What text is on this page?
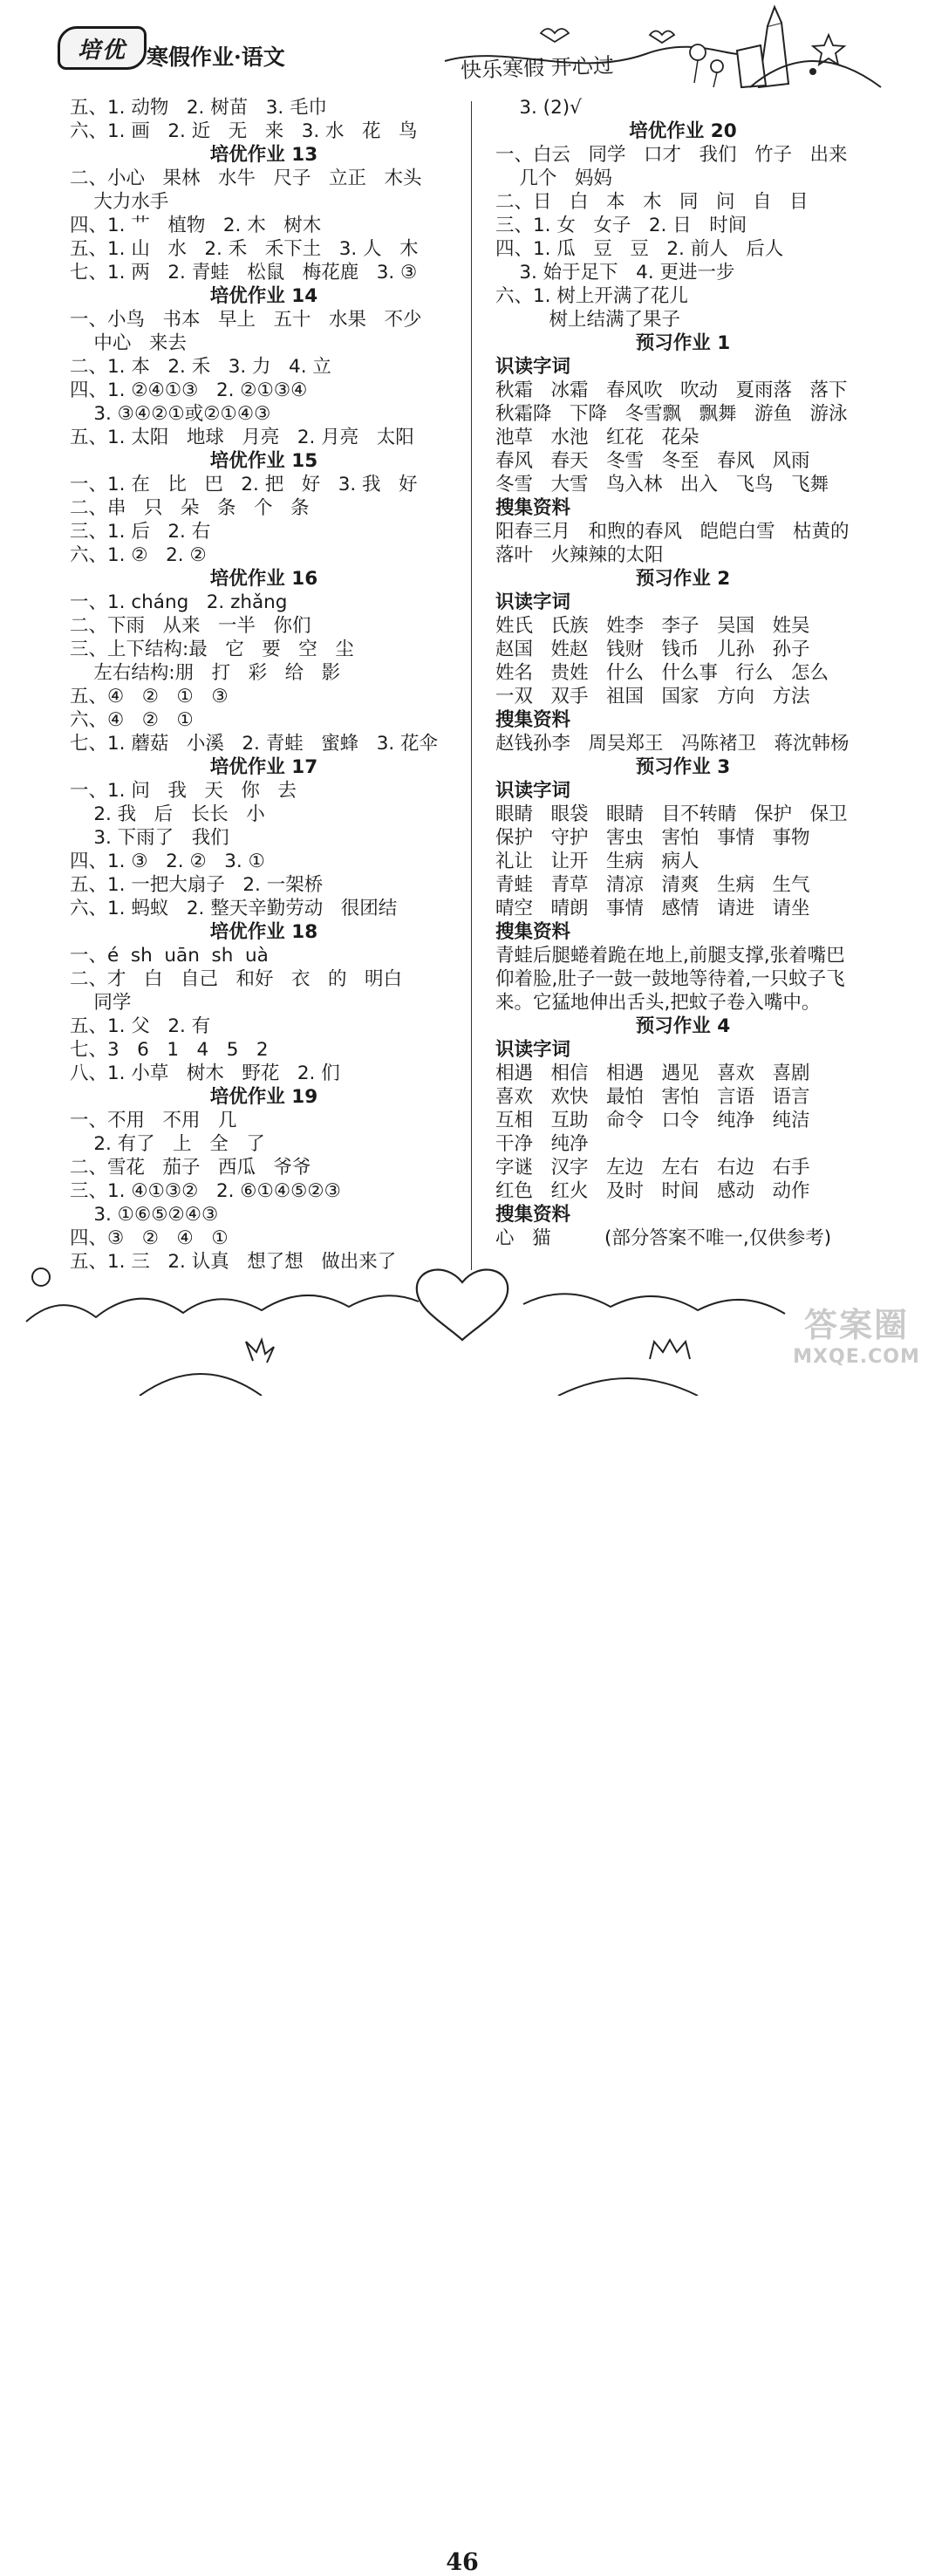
培优 寒假作业·语文	快乐寒假 开心过
五、1. 动物   2. 树苗   3. 毛巾
六、1. 画   2. 近   无   来   3. 水   花   鸟
培优作业 13
二、小心   果林   水牛   尺子   立正   木头
大力水手
四、1. 艹   植物   2. 木   树木
五、1. 山   水   2. 禾   禾下土   3. 人   木
七、1. 两   2. 青蛙   松鼠   梅花鹿   3. ③
培优作业 14
一、小鸟   书本   早上   五十   水果   不少
中心   来去
二、1. 本   2. 禾   3. 力   4. 立
四、1. ②④①③   2. ②①③④
3. ③④②①或②①④③
五、1. 太阳   地球   月亮   2. 月亮   太阳
培优作业 15
一、1. 在   比   巴   2. 把   好   3. 我   好
二、串   只   朵   条   个   条
三、1. 后   2. 右
六、1. ②   2. ②
培优作业 16
一、1. cháng   2. zhǎng
二、下雨   从来   一半   你们
三、上下结构:最   它   要   空   尘
左右结构:朋   打   彩   给   影
五、④   ②   ①   ③
六、④   ②   ①
七、1. 蘑菇   小溪   2. 青蛙   蜜蜂   3. 花伞
培优作业 17
一、1. 问   我   天   你   去
2. 我   后   长长   小
3. 下雨了   我们
四、1. ③   2. ②   3. ①
五、1. 一把大扇子   2. 一架桥
六、1. 蚂蚁   2. 整天辛勤劳动   很团结
培优作业 18
一、é  sh  uān  sh  uà
二、才   白   自己   和好   衣   的   明白
同学
五、1. 父   2. 有
七、3   6   1   4   5   2
八、1. 小草   树木   野花   2. 们
培优作业 19
一、不用   不用   几
2. 有了   上   全   了
二、雪花   茄子   西瓜   爷爷
三、1. ④①③②   2. ⑥①④⑤②③
3. ①⑥⑤②④③
四、③   ②   ④   ①
五、1. 三   2. 认真   想了想   做出来了
3. (2)√
培优作业 20
一、白云   同学   口才   我们   竹子   出来
几个   妈妈
二、日   白   本   木   同   问   自   目
三、1. 女   女子   2. 日   时间
四、1. 瓜   豆   豆   2. 前人   后人
3. 始于足下   4. 更进一步
六、1. 树上开满了花儿
树上结满了果子
预习作业 1
识读字词
秋霜   冰霜   春风吹   吹动   夏雨落   落下
秋霜降   下降   冬雪飘   飘舞   游鱼   游泳
池草   水池   红花   花朵
春风   春天   冬雪   冬至   春风   风雨
冬雪   大雪   鸟入林   出入   飞鸟   飞舞
搜集资料
阳春三月   和煦的春风   皑皑白雪   枯黄的
落叶   火辣辣的太阳
预习作业 2
识读字词
姓氏   氏族   姓李   李子   吴国   姓吴
赵国   姓赵   钱财   钱币   儿孙   孙子
姓名   贵姓   什么   什么事   行么   怎么
一双   双手   祖国   国家   方向   方法
搜集资料
赵钱孙李   周吴郑王   冯陈褚卫   蒋沈韩杨
预习作业 3
识读字词
眼睛   眼袋   眼睛   目不转睛   保护   保卫
保护   守护   害虫   害怕   事情   事物
礼让   让开   生病   病人
青蛙   青草   清凉   清爽   生病   生气
晴空   晴朗   事情   感情   请进   请坐
搜集资料
青蛙后腿蜷着跪在地上,前腿支撑,张着嘴巴
仰着脸,肚子一鼓一鼓地等待着,一只蚊子飞
来。它猛地伸出舌头,把蚊子卷入嘴中。
预习作业 4
识读字词
相遇   相信   相遇   遇见   喜欢   喜剧
喜欢   欢快   最怕   害怕   言语   语言
互相   互助   命令   口令   纯净   纯洁
干净   纯净
字谜   汉字   左边   左右   右边   右手
红色   红火   及时   时间   感动   动作
搜集资料
心   猫         (部分答案不唯一,仅供参考)
46
答案圈
MXQE.COM
